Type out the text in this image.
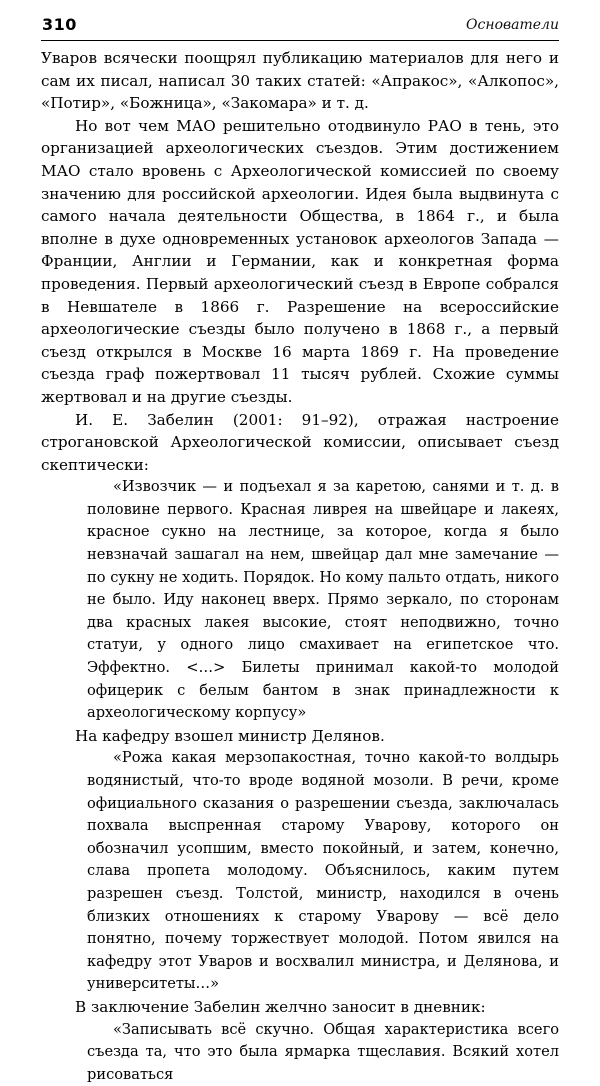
310	Основатели

Уваров всячески поощрял публикацию материалов для него и сам их писал, написал 30 таких статей: «Апракос», «Алкопос», «Потир», «Божница», «Закомара» и т. д.

Но вот чем МАО решительно отодвинуло РАО в тень, это организацией археологических съездов. Этим достижением МАО стало вровень с Археологической комиссией по своему значению для российской археологии. Идея была выдвинута с самого начала деятельности Общества, в 1864 г., и была вполне в духе одновременных установок археологов Запада — Франции, Англии и Германии, как и конкретная форма проведения. Первый археологический съезд в Европе собрался в Невшателе в 1866 г. Разрешение на всероссийские археологические съезды было получено в 1868 г., а первый съезд открылся в Москве 16 марта 1869 г. На проведение съезда граф пожертвовал 11 тысяч рублей. Схожие суммы жертвовал и на другие съезды.

И. Е. Забелин (2001: 91–92), отражая настроение строгановской Археологической комиссии, описывает съезд скептически:

«Извозчик — и подъехал я за каретою, санями и т. д. в половине первого. Красная ливрея на швейцаре и лакеях, красное сукно на лестнице, за которое, когда я было невзначай зашагал на нем, швейцар дал мне замечание — по сукну не ходить. Порядок. Но кому пальто отдать, никого не было. Иду наконец вверх. Прямо зеркало, по сторонам два красных лакея высокие, стоят неподвижно, точно статуи, у одного лицо смахивает на египетское что. Эффектно. <…> Билеты принимал какой-то молодой офицерик с белым бантом в знак принадлежности к археологическому корпусу»

На кафедру взошел министр Делянов.

«Рожа какая мерзопакостная, точно какой-то волдырь водянистый, что-то вроде водяной мозоли. В речи, кроме официального сказания о разрешении съезда, заключалась похвала выспренная старому Уварову, которого он обозначил усопшим, вместо покойный, и затем, конечно, слава пропета молодому. Объяснилось, каким путем разрешен съезд. Толстой, министр, находился в очень близких отношениях к старому Уварову — всё дело понятно, почему торжествует молодой. Потом явился на кафедру этот Уваров и восхвалил министра, и Делянова, и университеты…»

В заключение Забелин желчно заносит в дневник:

«Записывать всё скучно. Общая характеристика всего съезда та, что это была ярмарка тщеславия. Всякий хотел рисоваться
